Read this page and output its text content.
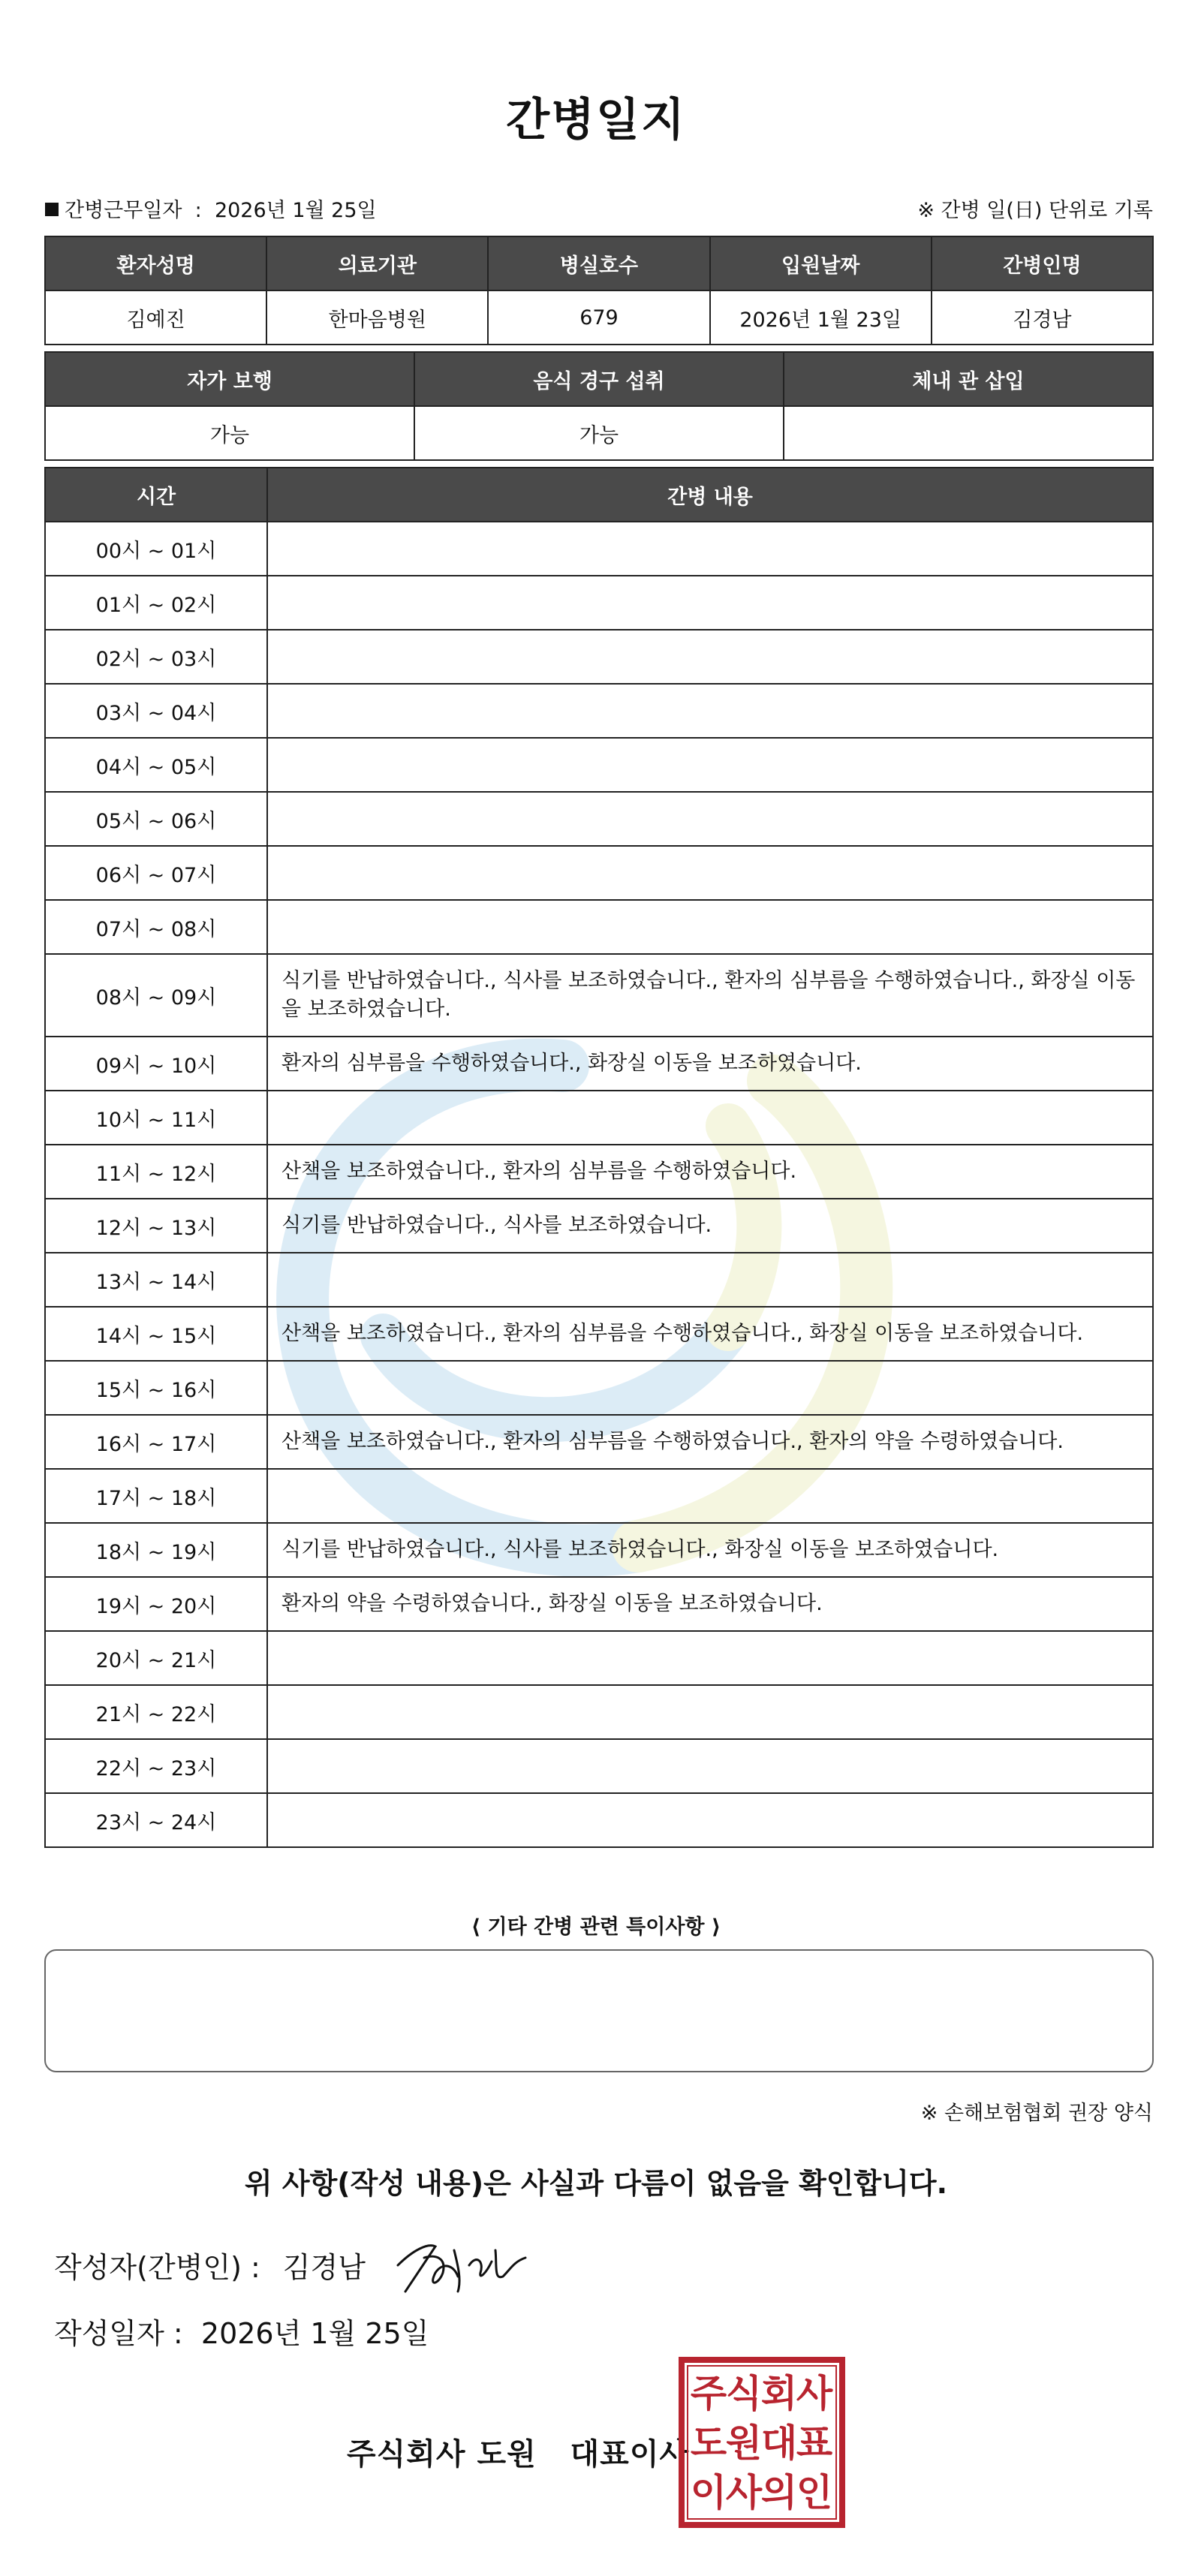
간병일지
간병근무일자 : 2026년 1월 25일	※ 간병 일(日) 단위로 기록
환자성명	의료기관	병실호수	입원날짜	간병인명
김예진	한마음병원	679	2026년 1월 23일	김경남
자가 보행	음식 경구 섭취	체내 관 삽입
가능	가능	
시간	간병 내용
00시 ~ 01시	
01시 ~ 02시	
02시 ~ 03시	
03시 ~ 04시	
04시 ~ 05시	
05시 ~ 06시	
06시 ~ 07시	
07시 ~ 08시	
08시 ~ 09시	식기를 반납하였습니다., 식사를 보조하였습니다., 환자의 심부름을 수행하였습니다., 화장실 이동을 보조하였습니다.
09시 ~ 10시	환자의 심부름을 수행하였습니다., 화장실 이동을 보조하였습니다.
10시 ~ 11시	
11시 ~ 12시	산책을 보조하였습니다., 환자의 심부름을 수행하였습니다.
12시 ~ 13시	식기를 반납하였습니다., 식사를 보조하였습니다.
13시 ~ 14시	
14시 ~ 15시	산책을 보조하였습니다., 환자의 심부름을 수행하였습니다., 화장실 이동을 보조하였습니다.
15시 ~ 16시	
16시 ~ 17시	산책을 보조하였습니다., 환자의 심부름을 수행하였습니다., 환자의 약을 수령하였습니다.
17시 ~ 18시	
18시 ~ 19시	식기를 반납하였습니다., 식사를 보조하였습니다., 화장실 이동을 보조하였습니다.
19시 ~ 20시	환자의 약을 수령하였습니다., 화장실 이동을 보조하였습니다.
20시 ~ 21시	
21시 ~ 22시	
22시 ~ 23시	
23시 ~ 24시	
⟨ 기타 간병 관련 특이사항 ⟩
※ 손해보험협회 권장 양식
위 사항(작성 내용)은 사실과 다름이 없음을 확인합니다.
작성자(간병인) : 김경남
작성일자 : 2026년 1월 25일
주식회사 도원   대표이사
주
식
회
사
도
원
대
표
이
사
의
인
